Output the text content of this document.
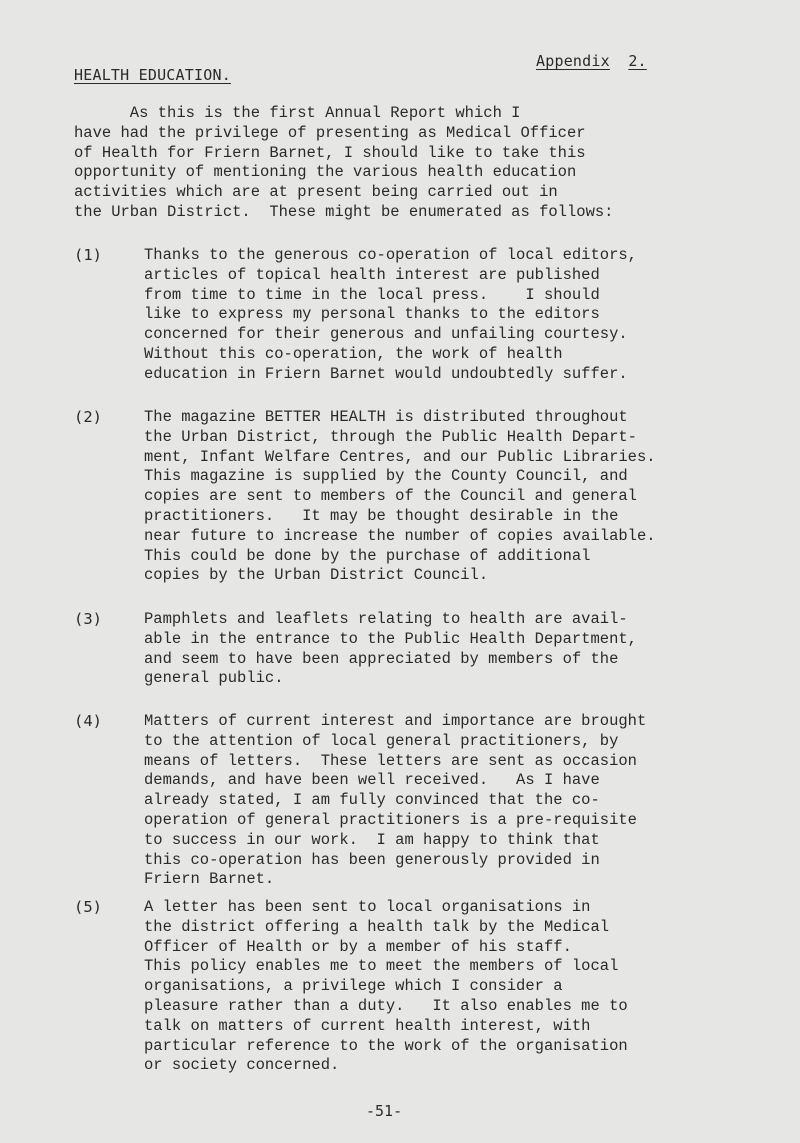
Appendix 2.
HEALTH EDUCATION.
As this is the first Annual Report which I
have had the privilege of presenting as Medical Officer
of Health for Friern Barnet, I should like to take this
opportunity of mentioning the various health education
activities which are at present being carried out in
the Urban District.  These might be enumerated as follows:
(1)	Thanks to the generous co-operation of local editors,
articles of topical health interest are published
from time to time in the local press.    I should
like to express my personal thanks to the editors
concerned for their generous and unfailing courtesy.
Without this co-operation, the work of health
education in Friern Barnet would undoubtedly suffer.
(2)	The magazine BETTER HEALTH is distributed throughout
the Urban District, through the Public Health Depart-
ment, Infant Welfare Centres, and our Public Libraries.
This magazine is supplied by the County Council, and
copies are sent to members of the Council and general
practitioners.   It may be thought desirable in the
near future to increase the number of copies available.
This could be done by the purchase of additional
copies by the Urban District Council.
(3)	Pamphlets and leaflets relating to health are avail-
able in the entrance to the Public Health Department,
and seem to have been appreciated by members of the
general public.
(4)	Matters of current interest and importance are brought
to the attention of local general practitioners, by
means of letters.  These letters are sent as occasion
demands, and have been well received.   As I have
already stated, I am fully convinced that the co-
operation of general practitioners is a pre-requisite
to success in our work.  I am happy to think that
this co-operation has been generously provided in
Friern Barnet.
(5)	A letter has been sent to local organisations in
the district offering a health talk by the Medical
Officer of Health or by a member of his staff.
This policy enables me to meet the members of local
organisations, a privilege which I consider a
pleasure rather than a duty.   It also enables me to
talk on matters of current health interest, with
particular reference to the work of the organisation
or society concerned.
-51-
